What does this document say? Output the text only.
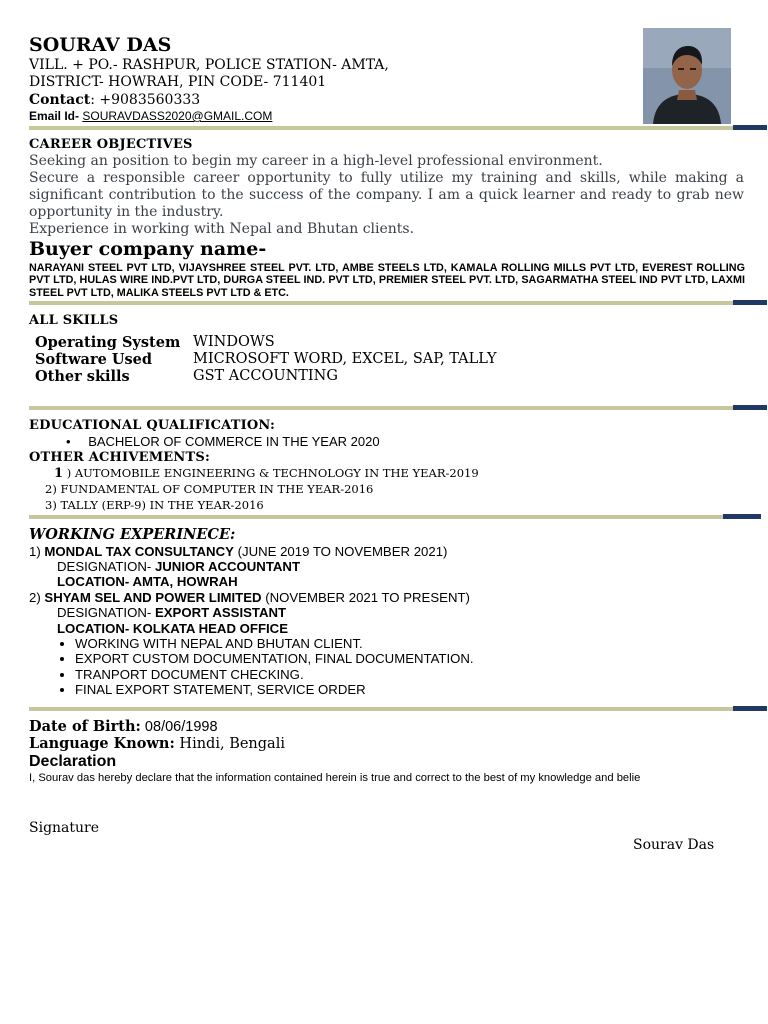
SOURAV DAS
VILL. + PO.- RASHPUR, POLICE STATION- AMTA,
DISTRICT- HOWRAH, PIN CODE- 711401
Contact: +9083560333
Email Id- SOURAVDASS2020@GMAIL.COM
CAREER OBJECTIVES
Seeking an position to begin my career in a high-level professional environment.
Secure a responsible career opportunity to fully utilize my training and skills, while making a significant contribution to the success of the company. I am a quick learner and ready to grab new opportunity in the industry.
Experience in working with Nepal and Bhutan clients.
Buyer company name-
NARAYANI STEEL PVT LTD, VIJAYSHREE STEEL PVT. LTD, AMBE STEELS LTD, KAMALA ROLLING MILLS PVT LTD, EVEREST ROLLING PVT LTD, HULAS WIRE IND.PVT LTD, DURGA STEEL IND. PVT LTD, PREMIER STEEL PVT. LTD, SAGARMATHA STEEL IND PVT LTD, LAXMI STEEL PVT LTD, MALIKA STEELS PVT LTD & ETC.
ALL SKILLS
Operating System	WINDOWS
Software Used	MICROSOFT WORD, EXCEL, SAP, TALLY
Other skills	GST ACCOUNTING
EDUCATIONAL QUALIFICATION:
• BACHELOR OF COMMERCE IN THE YEAR 2020
OTHER ACHIVEMENTS:
1 ) AUTOMOBILE ENGINEERING & TECHNOLOGY IN THE YEAR-2019
2) FUNDAMENTAL OF COMPUTER IN THE YEAR-2016
3) TALLY (ERP-9) IN THE YEAR-2016
WORKING EXPERINECE:
1) MONDAL TAX CONSULTANCY (JUNE 2019 TO NOVEMBER 2021)
DESIGNATION- JUNIOR ACCOUNTANT
LOCATION- AMTA, HOWRAH
2) SHYAM SEL AND POWER LIMITED (NOVEMBER 2021 TO PRESENT)
DESIGNATION- EXPORT ASSISTANT
LOCATION- KOLKATA HEAD OFFICE
• WORKING WITH NEPAL AND BHUTAN CLIENT.
• EXPORT CUSTOM DOCUMENTATION, FINAL DOCUMENTATION.
• TRANPORT DOCUMENT CHECKING.
• FINAL EXPORT STATEMENT, SERVICE ORDER
Date of Birth: 08/06/1998
Language Known: Hindi, Bengali
Declaration
I, Sourav das hereby declare that the information contained herein is true and correct to the best of my knowledge and belie
Signature
Sourav Das
